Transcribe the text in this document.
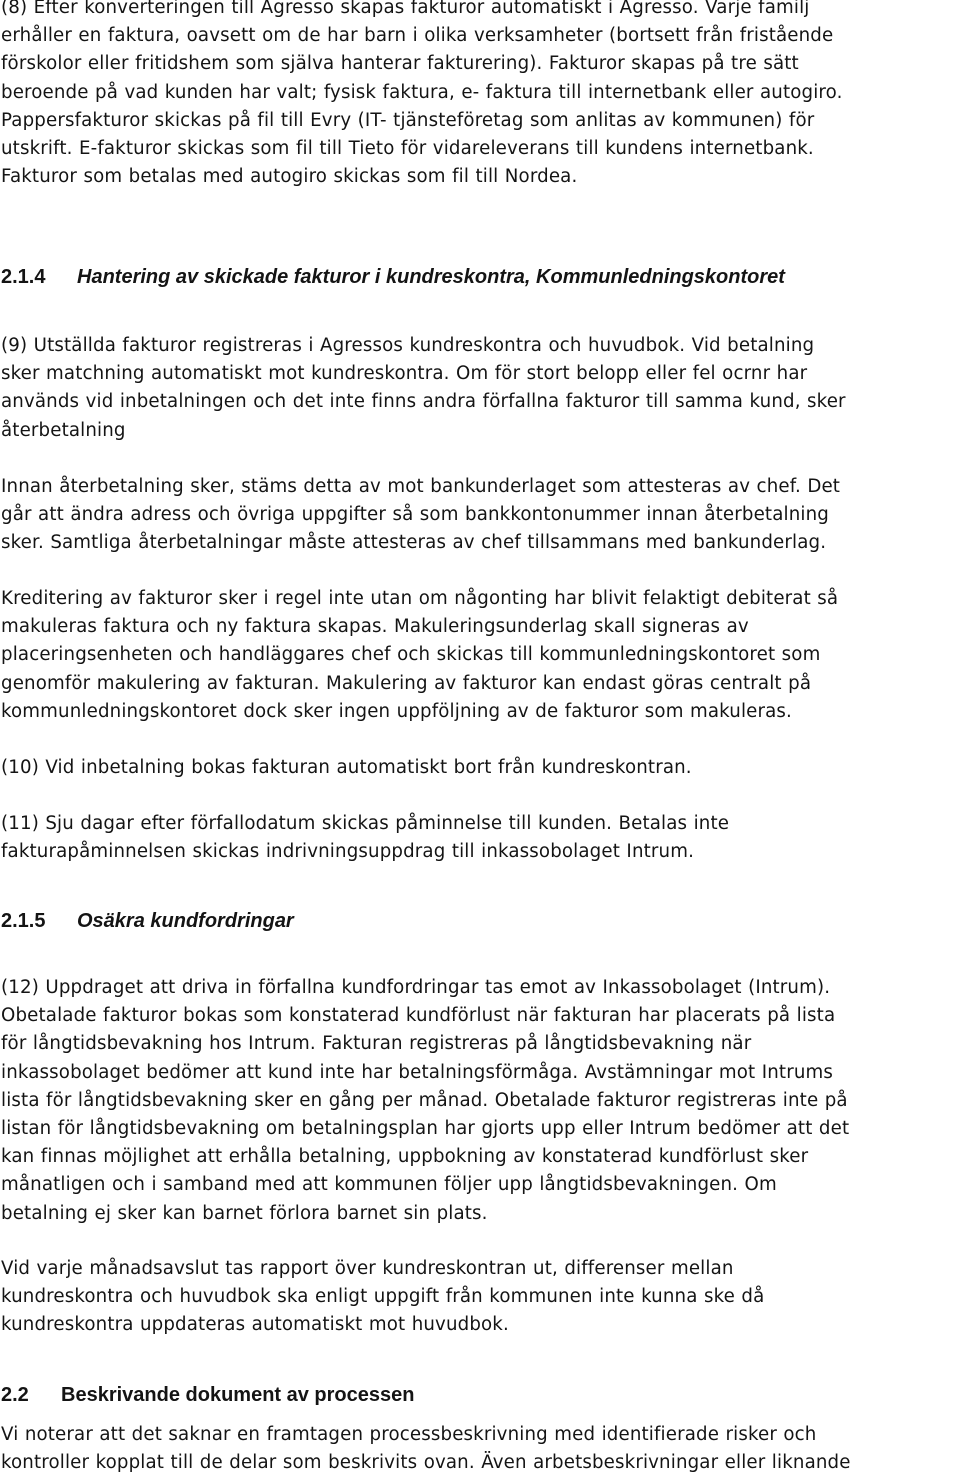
(8) Efter konverteringen till Agresso skapas fakturor automatiskt i Agresso. Varje familj
erhåller en faktura, oavsett om de har barn i olika verksamheter (bortsett från fristående
förskolor eller fritidshem som själva hanterar fakturering). Fakturor skapas på tre sätt
beroende på vad kunden har valt; fysisk faktura, e- faktura till internetbank eller autogiro.
Pappersfakturor skickas på fil till Evry (IT- tjänsteföretag som anlitas av kommunen) för
utskrift. E-fakturor skickas som fil till Tieto för vidareleverans till kundens internetbank.
Fakturor som betalas med autogiro skickas som fil till Nordea.
2.1.4 Hantering av skickade fakturor i kundreskontra, Kommunledningskontoret
(9) Utställda fakturor registreras i Agressos kundreskontra och huvudbok. Vid betalning
sker matchning automatiskt mot kundreskontra. Om för stort belopp eller fel ocrnr har
används vid inbetalningen och det inte finns andra förfallna fakturor till samma kund, sker
återbetalning
Innan återbetalning sker, stäms detta av mot bankunderlaget som attesteras av chef. Det
går att ändra adress och övriga uppgifter så som bankkontonummer innan återbetalning
sker. Samtliga återbetalningar måste attesteras av chef tillsammans med bankunderlag.
Kreditering av fakturor sker i regel inte utan om någonting har blivit felaktigt debiterat så
makuleras faktura och ny faktura skapas. Makuleringsunderlag skall signeras av
placeringsenheten och handläggares chef och skickas till kommunledningskontoret som
genomför makulering av fakturan. Makulering av fakturor kan endast göras centralt på
kommunledningskontoret dock sker ingen uppföljning av de fakturor som makuleras.
(10) Vid inbetalning bokas fakturan automatiskt bort från kundreskontran.
(11) Sju dagar efter förfallodatum skickas påminnelse till kunden. Betalas inte
fakturapåminnelsen skickas indrivningsuppdrag till inkassobolaget Intrum.
2.1.5 Osäkra kundfordringar
(12) Uppdraget att driva in förfallna kundfordringar tas emot av Inkassobolaget (Intrum).
Obetalade fakturor bokas som konstaterad kundförlust när fakturan har placerats på lista
för långtidsbevakning hos Intrum. Fakturan registreras på långtidsbevakning när
inkassobolaget bedömer att kund inte har betalningsförmåga. Avstämningar mot Intrums
lista för långtidsbevakning sker en gång per månad. Obetalade fakturor registreras inte på
listan för långtidsbevakning om betalningsplan har gjorts upp eller Intrum bedömer att det
kan finnas möjlighet att erhålla betalning, uppbokning av konstaterad kundförlust sker
månatligen och i samband med att kommunen följer upp långtidsbevakningen. Om
betalning ej sker kan barnet förlora barnet sin plats.
Vid varje månadsavslut tas rapport över kundreskontran ut, differenser mellan
kundreskontra och huvudbok ska enligt uppgift från kommunen inte kunna ske då
kundreskontra uppdateras automatiskt mot huvudbok.
2.2 Beskrivande dokument av processen
Vi noterar att det saknar en framtagen processbeskrivning med identifierade risker och
kontroller kopplat till de delar som beskrivits ovan. Även arbetsbeskrivningar eller liknande
